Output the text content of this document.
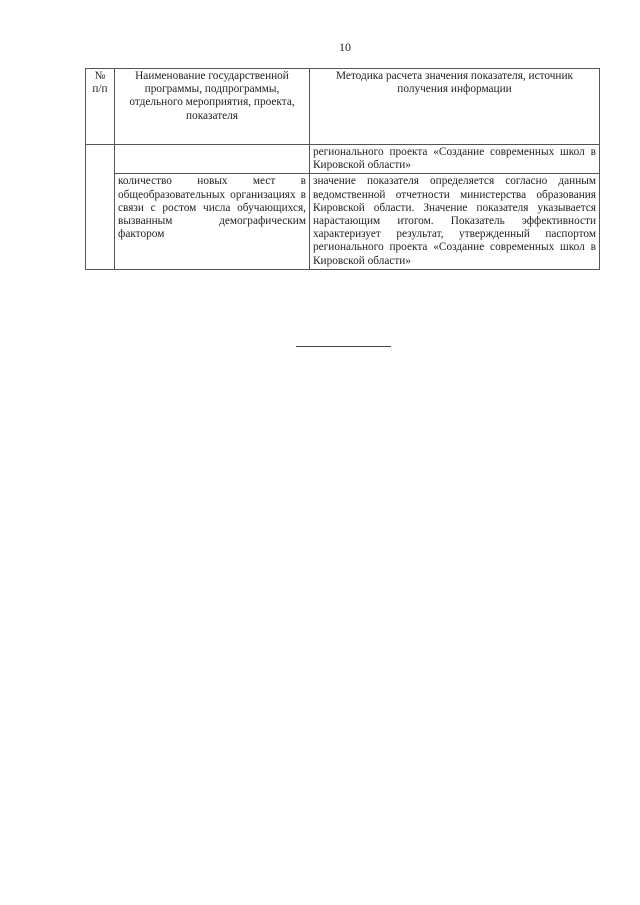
10
№ п/п	Наименование государственной программы, подпрограммы, отдельного мероприятия, проекта, показателя	Методика расчета значения показателя, источник получения информации
		регионального проекта «Создание современных школ в Кировской области»
	количество новых мест в общеобразовательных организациях в связи с ростом числа обучающихся, вызванным демографическим фактором	значение показателя определяется согласно данным ведомственной отчетности министерства образования Кировской области. Значение показателя указывается нарастающим итогом. Показатель эффективности характеризует результат, утвержденный паспортом регионального проекта «Создание современных школ в Кировской области»
